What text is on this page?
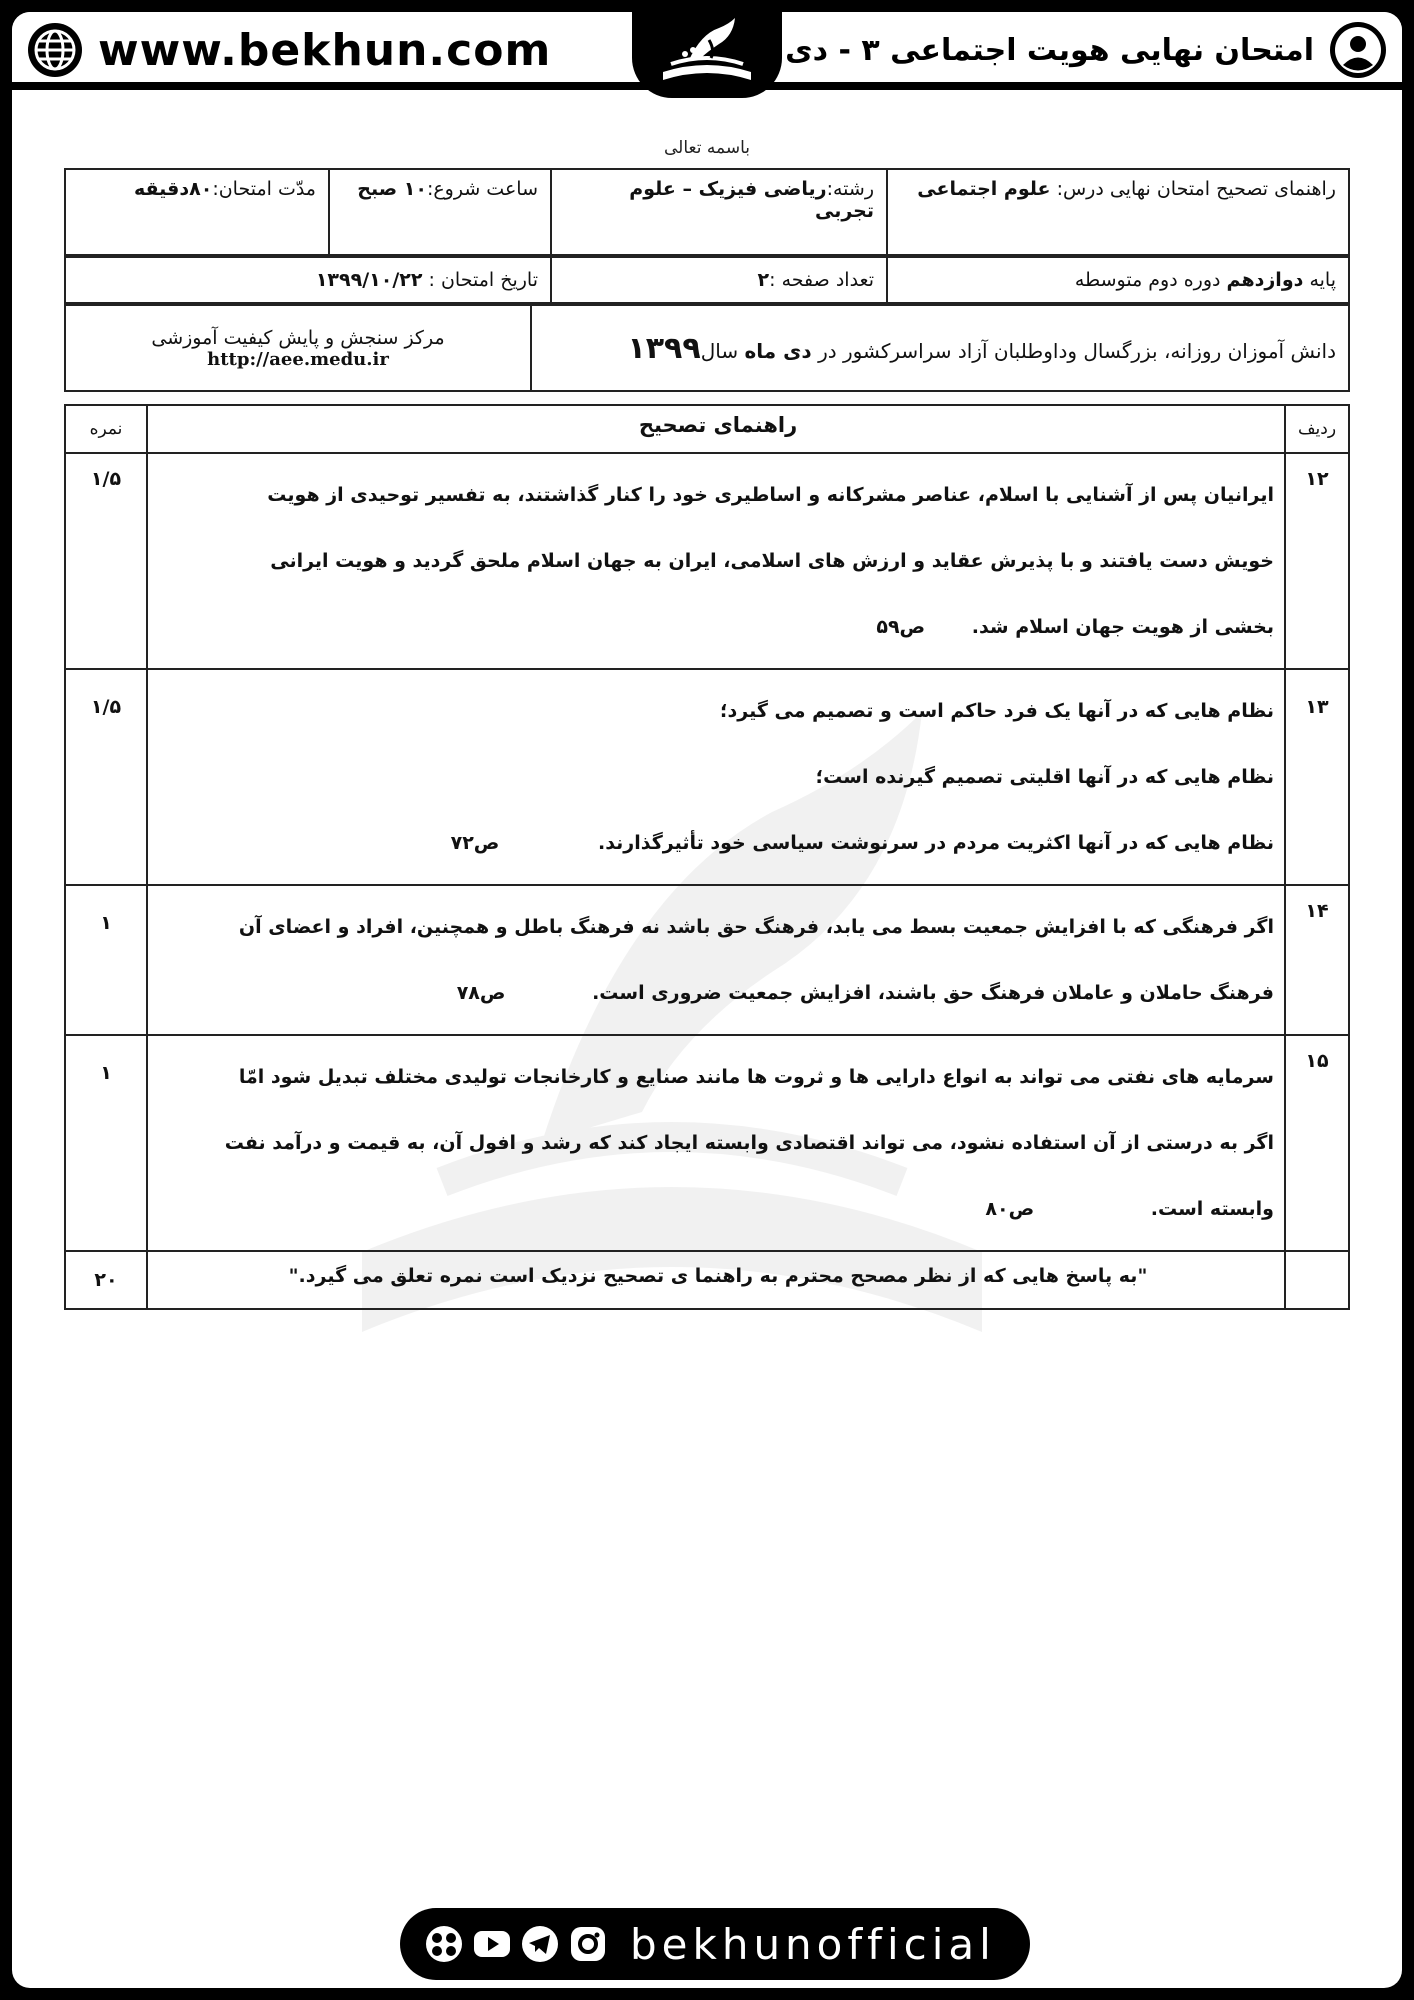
www.bekhun.com	امتحان نهایی هویت اجتماعی ۳ - دی ۹۹
باسمه تعالی
راهنمای تصحیح امتحان نهایی درس: علوم اجتماعی	رشته:ریاضی فیزیک – علوم تجربی	ساعت شروع:۱۰ صبح	مدّت امتحان:۸۰دقیقه
پایه دوازدهم دوره دوم متوسطه	تعداد صفحه :۲	تاریخ امتحان : ۱۳۹۹/۱۰/۲۲
دانش آموزان روزانه، بزرگسال وداوطلبان آزاد سراسرکشور در دی ماه سال۱۳۹۹	
مرکز سنجش و پایش کیفیت آموزشی
http://aee.medu.ir
ردیف	راهنمای تصحیح	نمره
۱۲	ایرانیان پس از آشنایی با اسلام، عناصر مشرکانه و اساطیری خود را کنار گذاشتند، به تفسیر توحیدی از هویت
خویش دست یافتند و با پذیرش عقاید و ارزش های اسلامی، ایران به جهان اسلام ملحق گردید و هویت ایرانی
بخشی از هویت جهان اسلام شد. ص۵۹	۱/۵
۱۳	نظام هایی که در آنها یک فرد حاکم است و تصمیم می گیرد؛
نظام هایی که در آنها اقلیتی تصمیم گیرنده است؛
نظام هایی که در آنها اکثریت مردم در سرنوشت سیاسی خود تأثیرگذارند. ص۷۲	۱/۵
۱۴	اگر فرهنگی که با افزایش جمعیت بسط می یابد، فرهنگ حق باشد نه فرهنگ باطل و همچنین، افراد و اعضای آن
فرهنگ حاملان و عاملان فرهنگ حق باشند، افزایش جمعیت ضروری است. ص۷۸	۱
۱۵	سرمایه های نفتی می تواند به انواع دارایی ها و ثروت ها مانند صنایع و کارخانجات تولیدی مختلف تبدیل شود امّا
اگر به درستی از آن استفاده نشود، می تواند اقتصادی وابسته ایجاد کند که رشد و افول آن، به قیمت و درآمد نفت
وابسته است. ص۸۰	۱
	"به پاسخ هایی که از نظر مصحح محترم به راهنما ی تصحیح نزدیک است نمره تعلق می گیرد."	۲۰
bekhunofficial
